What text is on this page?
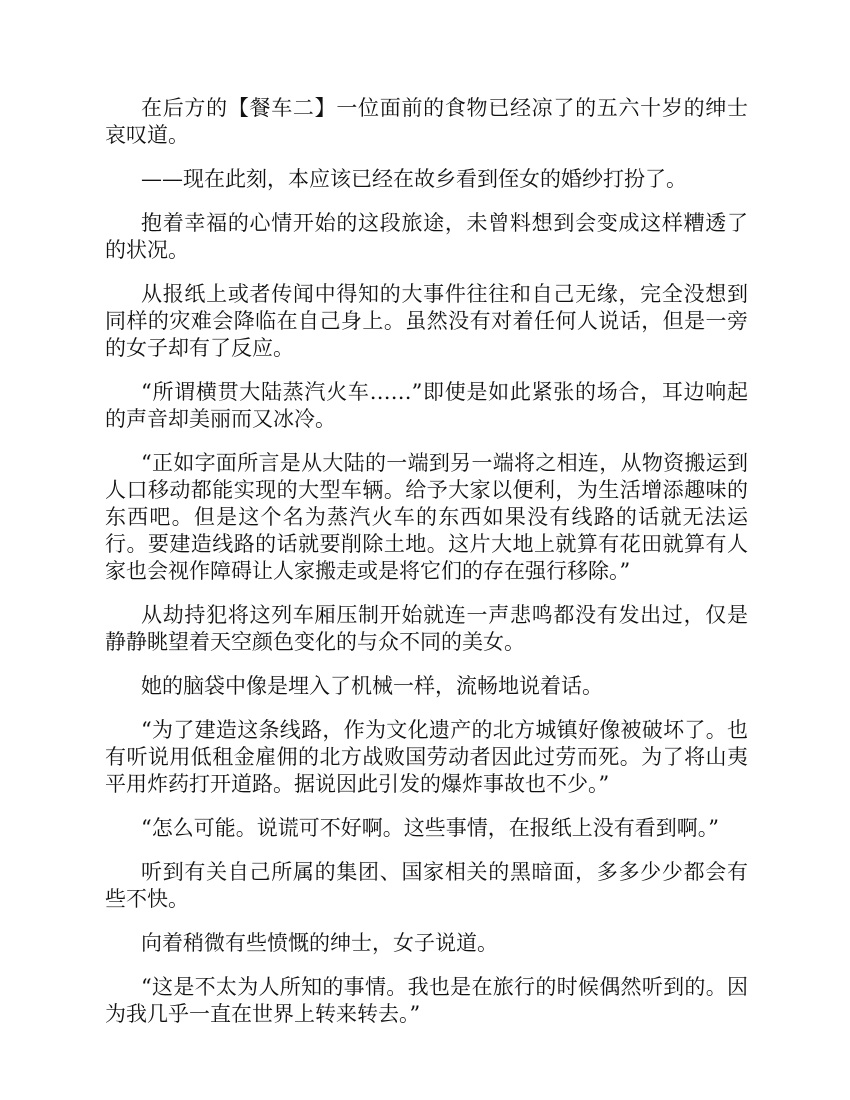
在后方的【餐车二】一位面前的食物已经凉了的五六十岁的绅士哀叹道。

——现在此刻，本应该已经在故乡看到侄女的婚纱打扮了。

抱着幸福的心情开始的这段旅途，未曾料想到会变成这样糟透了的状况。

从报纸上或者传闻中得知的大事件往往和自己无缘，完全没想到同样的灾难会降临在自己身上。虽然没有对着任何人说话，但是一旁的女子却有了反应。

“所谓横贯大陆蒸汽火车……”即使是如此紧张的场合，耳边响起的声音却美丽而又冰冷。

“正如字面所言是从大陆的一端到另一端将之相连，从物资搬运到人口移动都能实现的大型车辆。给予大家以便利，为生活增添趣味的东西吧。但是这个名为蒸汽火车的东西如果没有线路的话就无法运行。要建造线路的话就要削除土地。这片大地上就算有花田就算有人家也会视作障碍让人家搬走或是将它们的存在强行移除。”

从劫持犯将这列车厢压制开始就连一声悲鸣都没有发出过，仅是静静眺望着天空颜色变化的与众不同的美女。

她的脑袋中像是埋入了机械一样，流畅地说着话。

“为了建造这条线路，作为文化遗产的北方城镇好像被破坏了。也有听说用低租金雇佣的北方战败国劳动者因此过劳而死。为了将山夷平用炸药打开道路。据说因此引发的爆炸事故也不少。”

“怎么可能。说谎可不好啊。这些事情，在报纸上没有看到啊。”

听到有关自己所属的集团、国家相关的黑暗面，多多少少都会有些不快。

向着稍微有些愤慨的绅士，女子说道。

“这是不太为人所知的事情。我也是在旅行的时候偶然听到的。因为我几乎一直在世界上转来转去。”
